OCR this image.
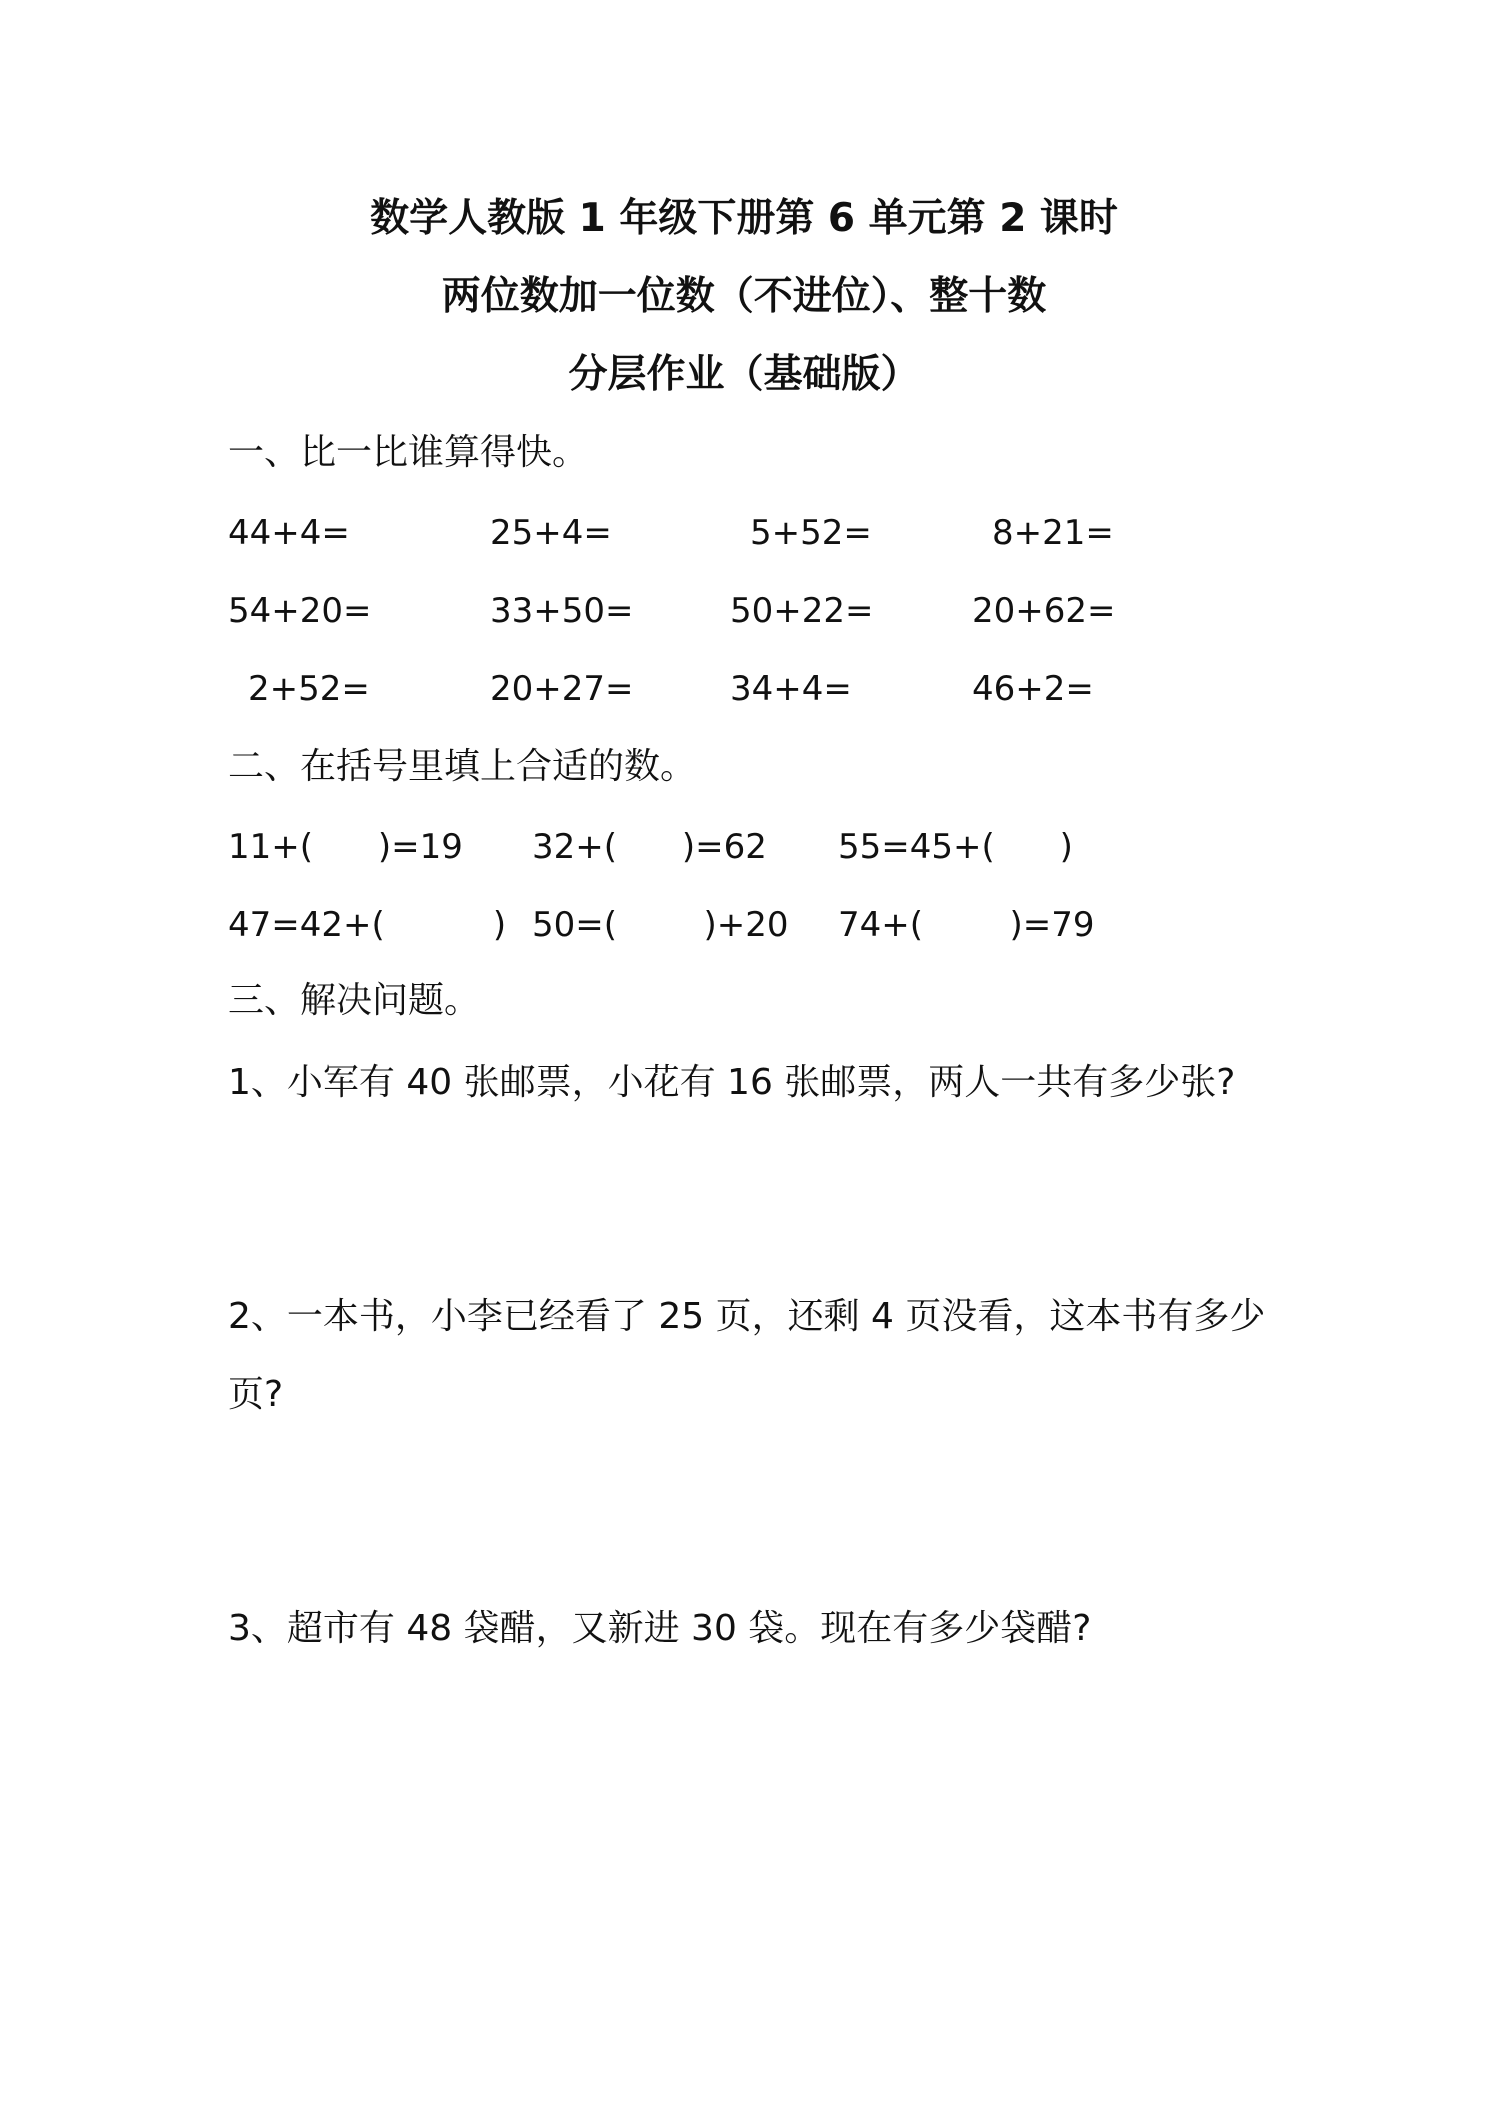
数学人教版 1 年级下册第 6 单元第 2 课时
两位数加一位数（不进位）、整十数
分层作业（基础版）
一、比一比谁算得快。
44+4=	25+4=	5+52=	8+21=
54+20=	33+50=	50+22=	20+62=
2+52=	20+27=	34+4=	46+2=
二、在括号里填上合适的数。
11+(      )=19 32+(      )=62 55=45+(      )
47=42+(          ) 50=(        )+20 74+(        )=79
三、解决问题。
1、小军有 40 张邮票，小花有 16 张邮票，两人一共有多少张?
2、一本书，小李已经看了 25 页，还剩 4 页没看，这本书有多少页?
3、超市有 48 袋醋，又新进 30 袋。现在有多少袋醋?
